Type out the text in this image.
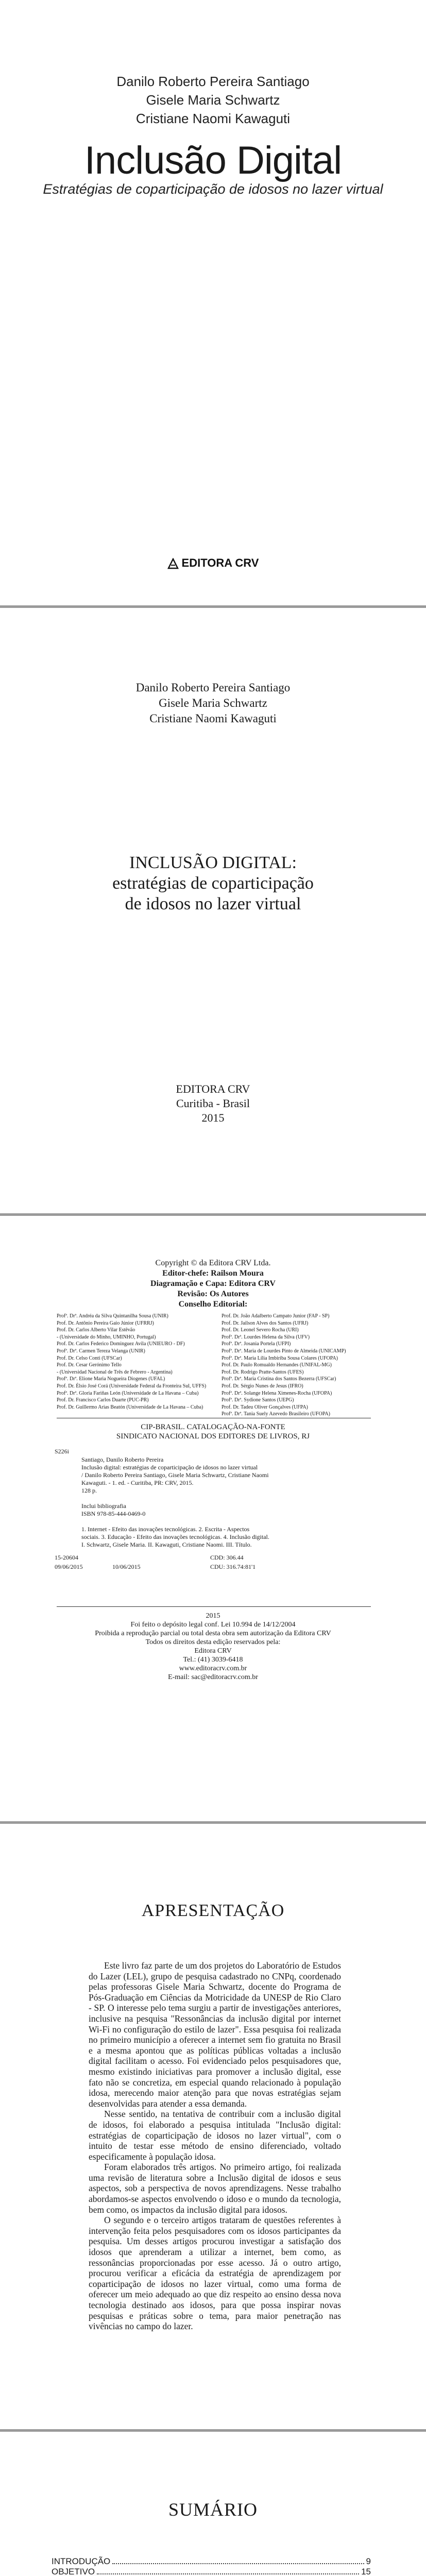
Danilo Roberto Pereira Santiago
Gisele Maria Schwartz
Cristiane Naomi Kawaguti
Inclusão Digital
Estratégias de coparticipação de idosos no lazer virtual
EDITORA CRV
Danilo Roberto Pereira Santiago
Gisele Maria Schwartz
Cristiane Naomi Kawaguti
INCLUSÃO DIGITAL:
estratégias de coparticipação
de idosos no lazer virtual
EDITORA CRV
Curitiba - Brasil
2015
Copyright © da Editora CRV Ltda.
Editor-chefe: Railson Moura
Diagramação e Capa: Editora CRV
Revisão: Os Autores
Conselho Editorial:
Profª. Drª. Andréa da Silva Quintanilha Sousa (UNIR)
Prof. Dr. Antônio Pereira Gaio Júnior (UFRRJ)
Prof. Dr. Carlos Alberto Vilar Estêvão
- (Universidade do Minho, UMINHO, Portugal)
Prof. Dr. Carlos Federico Dominguez Avila (UNIEURO - DF)
Profª. Drª. Carmen Tereza Velanga (UNIR)
Prof. Dr. Celso Conti (UFSCar)
Prof. Dr. Cesar Gerónimo Tello
- (Universidad Nacional de Três de Febrero - Argentina)
Profª. Drª. Elione Maria Nogueira Diogenes (UFAL)
Prof. Dr. Élsio José Corá (Universidade Federal da Fronteira Sul, UFFS)
Profª. Drª. Gloria Fariñas León (Universidade de La Havana – Cuba)
Prof. Dr. Francisco Carlos Duarte (PUC-PR)
Prof. Dr. Guillermo Arias Beatón (Universidade de La Havana – Cuba)
Prof. Dr. João Adalberto Campato Junior (FAP - SP)
Prof. Dr. Jailson Alves dos Santos (UFRJ)
Prof. Dr. Leonel Severo Rocha (URI)
Profª. Drª. Lourdes Helena da Silva (UFV)
Profª. Drª. Josania Portela (UFPI)
Profª. Drª. Maria de Lourdes Pinto de Almeida (UNICAMP)
Profª. Drª. Maria Lília Imbiriba Sousa Colares (UFOPA)
Prof. Dr. Paulo Romualdo Hernandes (UNIFAL-MG)
Prof. Dr. Rodrigo Pratte-Santos (UFES)
Profª. Drª. Maria Cristina dos Santos Bezerra (UFSCar)
Prof. Dr. Sérgio Nunes de Jesus (IFRO)
Profª. Drª. Solange Helena Ximenes-Rocha (UFOPA)
Profª. Drª. Sydione Santos (UEPG)
Prof. Dr. Tadeu Oliver Gonçalves (UFPA)
Profª. Drª. Tania Suely Azevedo Brasileiro (UFOPA)
CIP-BRASIL. CATALOGAÇÃO-NA-FONTE
SINDICATO NACIONAL DOS EDITORES DE LIVROS, RJ
S226i
Santiago, Danilo Roberto Pereira
Inclusão digital: estratégias de coparticipação de idosos no lazer virtual
/ Danilo Roberto Pereira Santiago, Gisele Maria Schwartz, Cristiane Naomi
Kawaguti. - 1. ed. - Curitiba, PR: CRV, 2015.
128 p.
Inclui bibliografia
ISBN 978-85-444-0469-0
1. Internet - Efeito das inovações tecnológicas. 2. Escrita - Aspectos
sociais. 3. Educação - Efeito das inovações tecnológicas. 4. Inclusão digital.
I. Schwartz, Gisele Maria. II. Kawaguti, Cristiane Naomi. III. Título.
15-20604	CDD: 306.44
09/06/2015	10/06/2015	CDU: 316.74:81'1
2015
Foi feito o depósito legal conf. Lei 10.994 de 14/12/2004
Proibida a reprodução parcial ou total desta obra sem autorização da Editora CRV
Todos os direitos desta edição reservados pela:
Editora CRV
Tel.: (41) 3039-6418
www.editoracrv.com.br
E-mail: sac@editoracrv.com.br
APRESENTAÇÃO

Este livro faz parte de um dos projetos do Laboratório de Estudos do Lazer (LEL), grupo de pesquisa cadastrado no CNPq, coordenado pelas professoras Gisele Maria Schwartz, docente do Programa de Pós-Graduação em Ciências da Motricidade da UNESP de Rio Claro - SP. O interesse pelo tema surgiu a partir de investigações anteriores, inclusive na pesquisa "Ressonâncias da inclusão digital por internet Wi-Fi no configuração do estilo de lazer". Essa pesquisa foi realizada no primeiro município a oferecer a internet sem fio gratuita no Brasil e a mesma apontou que as políticas públicas voltadas a inclusão digital facilitam o acesso. Foi evidenciado pelos pesquisadores que, mesmo existindo iniciativas para promover a inclusão digital, esse fato não se concretiza, em especial quando relacionado à população idosa, merecendo maior atenção para que novas estratégias sejam desenvolvidas para atender a essa demanda.

Nesse sentido, na tentativa de contribuir com a inclusão digital de idosos, foi elaborado a pesquisa intitulada "Inclusão digital: estratégias de coparticipação de idosos no lazer virtual", com o intuito de testar esse método de ensino diferenciado, voltado especificamente à população idosa.

Foram elaborados três artigos. No primeiro artigo, foi realizada uma revisão de literatura sobre a Inclusão digital de idosos e seus aspectos, sob a perspectiva de novos aprendizagens. Nesse trabalho abordamos-se aspectos envolvendo o idoso e o mundo da tecnologia, bem como, os impactos da inclusão digital para idosos.

O segundo e o terceiro artigos trataram de questões referentes à intervenção feita pelos pesquisadores com os idosos participantes da pesquisa. Um desses artigos procurou investigar a satisfação dos idosos que aprenderam a utilizar a internet, bem como, as ressonâncias proporcionadas por esse acesso. Já o outro artigo, procurou verificar a eficácia da estratégia de aprendizagem por coparticipação de idosos no lazer virtual, como uma forma de oferecer um meio adequado ao que diz respeito ao ensino dessa nova tecnologia destinado aos idosos, para que possa inspirar novas pesquisas e práticas sobre o tema, para maior penetração nas vivências no campo do lazer.

SUMÁRIO
INTRODUÇÃO	9
OBJETIVO	15
